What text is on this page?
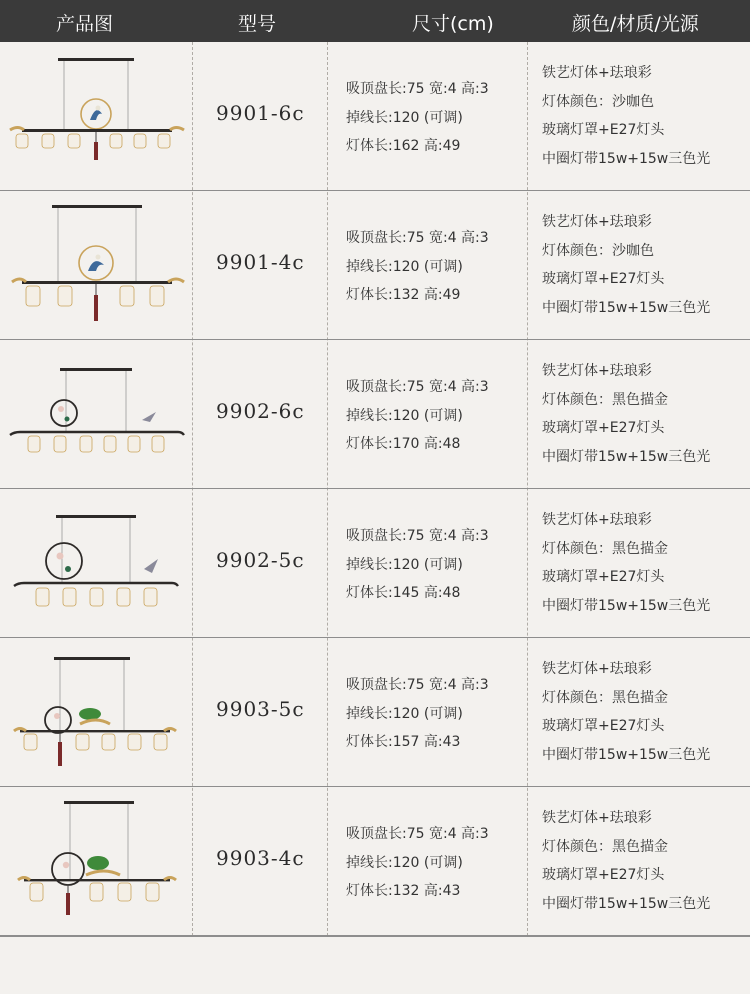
产品图	型号	尺寸(cm)	颜色/材质/光源
9901-6c
吸顶盘长:75 宽:4 高:3
掉线长:120 (可调)
灯体长:162 高:49
铁艺灯体+珐琅彩
灯体颜色：沙咖色
玻璃灯罩+E27灯头
中圈灯带15w+15w三色光
9901-4c
吸顶盘长:75 宽:4 高:3
掉线长:120 (可调)
灯体长:132 高:49
铁艺灯体+珐琅彩
灯体颜色：沙咖色
玻璃灯罩+E27灯头
中圈灯带15w+15w三色光
9902-6c
吸顶盘长:75 宽:4 高:3
掉线长:120 (可调)
灯体长:170 高:48
铁艺灯体+珐琅彩
灯体颜色：黑色描金
玻璃灯罩+E27灯头
中圈灯带15w+15w三色光
9902-5c
吸顶盘长:75 宽:4 高:3
掉线长:120 (可调)
灯体长:145 高:48
铁艺灯体+珐琅彩
灯体颜色：黑色描金
玻璃灯罩+E27灯头
中圈灯带15w+15w三色光
9903-5c
吸顶盘长:75 宽:4 高:3
掉线长:120 (可调)
灯体长:157 高:43
铁艺灯体+珐琅彩
灯体颜色：黑色描金
玻璃灯罩+E27灯头
中圈灯带15w+15w三色光
9903-4c
吸顶盘长:75 宽:4 高:3
掉线长:120 (可调)
灯体长:132 高:43
铁艺灯体+珐琅彩
灯体颜色：黑色描金
玻璃灯罩+E27灯头
中圈灯带15w+15w三色光
